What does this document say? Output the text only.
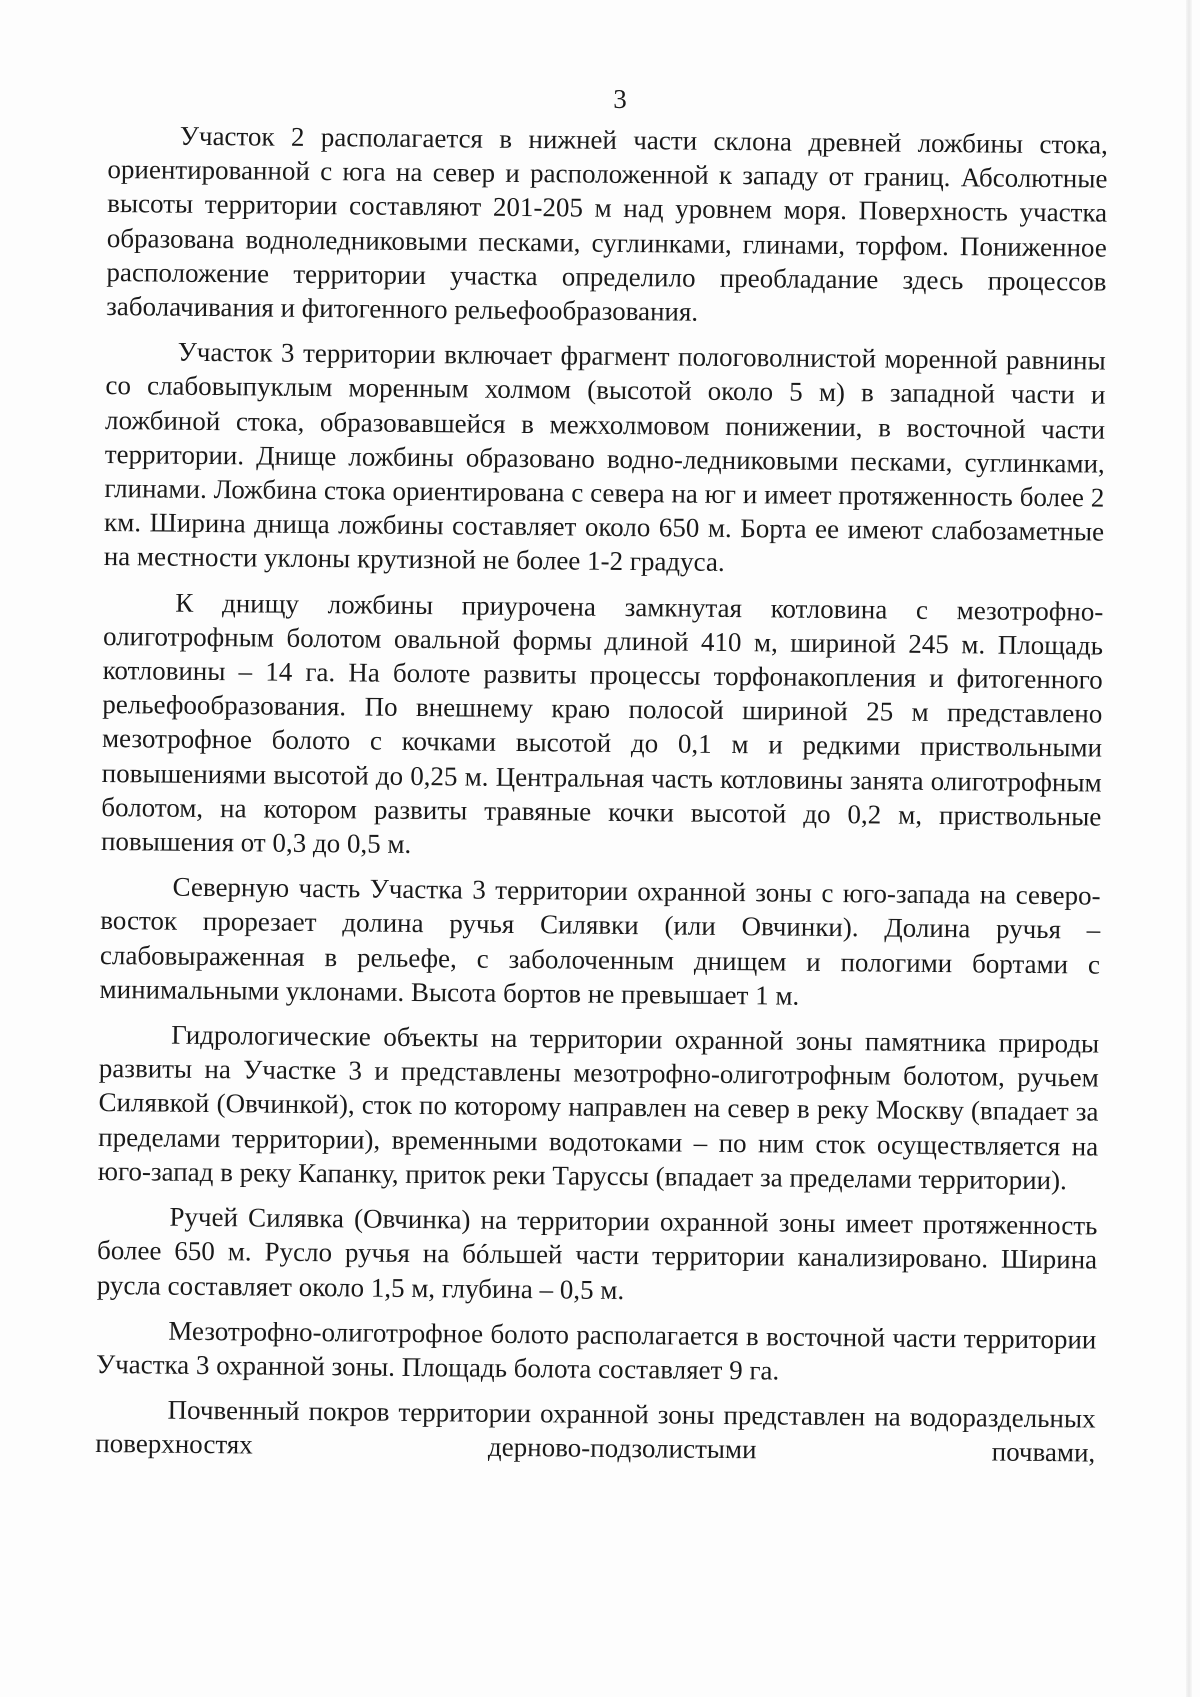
3

Участок 2 располагается в нижней части склона древней ложбины стока, ориентированной с юга на север и расположенной к западу от границ. Абсолютные высоты территории составляют 201-205 м над уровнем моря. Поверхность участка образована водноледниковыми песками, суглинками, глинами, торфом. Пониженное расположение территории участка определило преобладание здесь процессов заболачивания и фитогенного рельефообразования.

Участок 3 территории включает фрагмент пологоволнистой моренной равнины со слабовыпуклым моренным холмом (высотой около 5 м) в западной части и ложбиной стока, образовавшейся в межхолмовом понижении, в восточной части территории. Днище ложбины образовано водно-ледниковыми песками, суглинками, глинами. Ложбина стока ориентирована с севера на юг и имеет протяженность более 2 км. Ширина днища ложбины составляет около 650 м. Борта ее имеют слабозаметные на местности уклоны крутизной не более 1-2 градуса.

К днищу ложбины приурочена замкнутая котловина с мезотрофно-олиготрофным болотом овальной формы длиной 410 м, шириной 245 м. Площадь котловины – 14 га. На болоте развиты процессы торфонакопления и фитогенного рельефообразования. По внешнему краю полосой шириной 25 м представлено мезотрофное болото с кочками высотой до 0,1 м и редкими приствольными повышениями высотой до 0,25 м. Центральная часть котловины занята олиготрофным болотом, на котором развиты травяные кочки высотой до 0,2 м, приствольные повышения от 0,3 до 0,5 м.

Северную часть Участка 3 территории охранной зоны с юго-запада на северо-восток прорезает долина ручья Силявки (или Овчинки). Долина ручья – слабовыраженная в рельефе, с заболоченным днищем и пологими бортами с минимальными уклонами. Высота бортов не превышает 1 м.

Гидрологические объекты на территории охранной зоны памятника природы развиты на Участке 3 и представлены мезотрофно-олиготрофным болотом, ручьем Силявкой (Овчинкой), сток по которому направлен на север в реку Москву (впадает за пределами территории), временными водотоками – по ним сток осуществляется на юго-запад в реку Капанку, приток реки Таруссы (впадает за пределами территории).

Ручей Силявка (Овчинка) на территории охранной зоны имеет протяженность более 650 м. Русло ручья на бóльшей части территории канализировано. Ширина русла составляет около 1,5 м, глубина – 0,5 м.

Мезотрофно-олиготрофное болото располагается в восточной части территории Участка 3 охранной зоны. Площадь болота составляет 9 га.

Почвенный покров территории охранной зоны представлен на водораздельных поверхностях дерново-подзолистыми почвами,
